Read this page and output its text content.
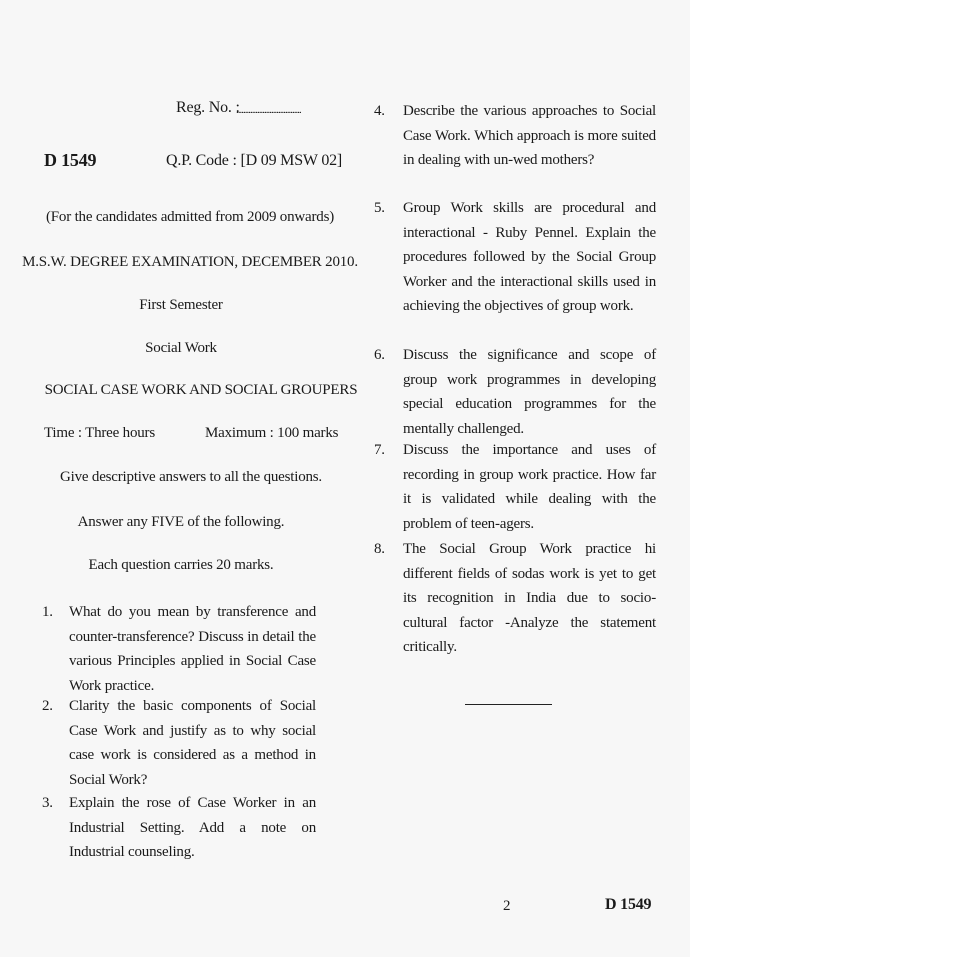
Reg. No. :
.....................................
D 1549	Q.P. Code : [D 09 MSW 02]
(For the candidates admitted from 2009 onwards)
M.S.W. DEGREE EXAMINATION, DECEMBER 2010.
First Semester
Social Work
SOCIAL CASE WORK AND SOCIAL GROUPERS
Time : Three hours	Maximum : 100 marks
Give descriptive answers to all the questions.
Answer any FIVE of the following.
Each question carries 20 marks.
1. What do you mean by transference and counter-transference? Discuss in detail the various Principles applied in Social Case Work practice.
2. Clarity the basic components of Social Case Work and justify as to why social case work is considered as a method in Social Work?
3. Explain the rose of Case Worker in an Industrial Setting. Add a note on Industrial counseling.
4. Describe the various approaches to Social Case Work. Which approach is more suited in dealing with un-wed mothers?
5. Group Work skills are procedural and interactional - Ruby Pennel. Explain the procedures followed by the Social Group Worker and the interactional skills used in achieving the objectives of group work.
6. Discuss the significance and scope of group work programmes in developing special education programmes for the mentally challenged.
7. Discuss the importance and uses of recording in group work practice. How far it is validated while dealing with the problem of teen-agers.
8. The Social Group Work practice hi different fields of sodas work is yet to get its recognition in India due to socio-cultural factor -Analyze the statement critically.
2	D 1549
